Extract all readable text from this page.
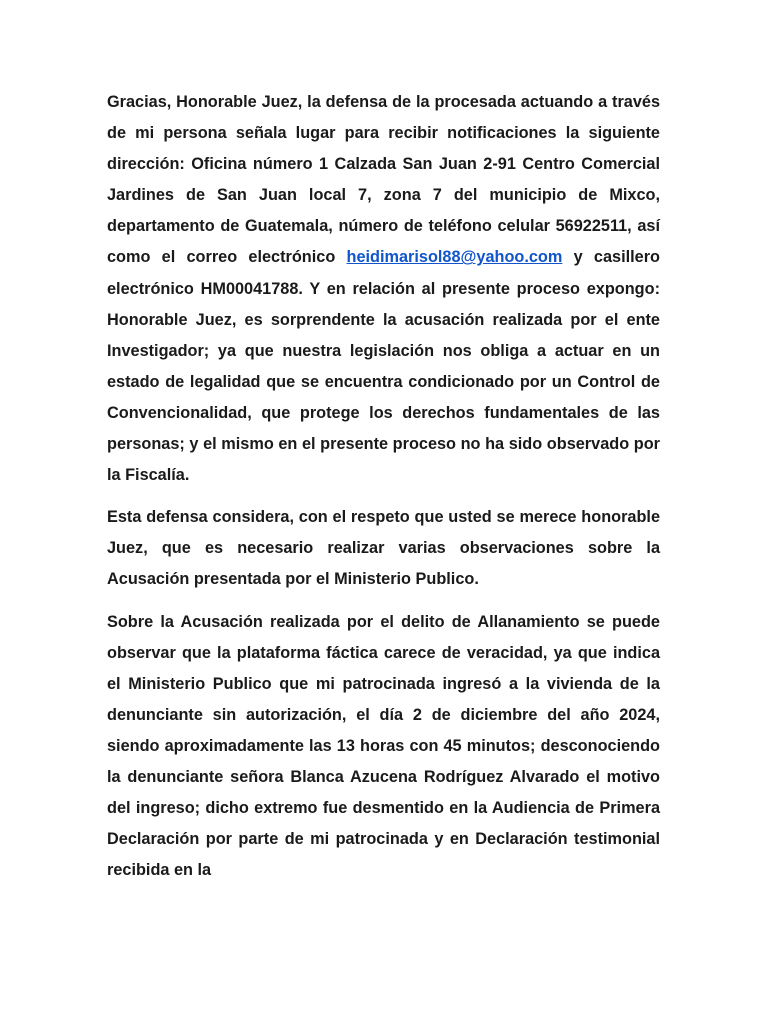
Gracias, Honorable Juez, la defensa de la procesada actuando a través de mi persona señala lugar para recibir notificaciones la siguiente dirección: Oficina número 1 Calzada San Juan 2-91 Centro Comercial Jardines de San Juan local 7, zona 7 del municipio de Mixco, departamento de Guatemala, número de teléfono celular 56922511, así como el correo electrónico heidimarisol88@yahoo.com y casillero electrónico HM00041788. Y en relación al presente proceso expongo: Honorable Juez, es sorprendente la acusación realizada por el ente Investigador; ya que nuestra legislación nos obliga a actuar en un estado de legalidad que se encuentra condicionado por un Control de Convencionalidad, que protege los derechos fundamentales de las personas; y el mismo en el presente proceso no ha sido observado por la Fiscalía.

Esta defensa considera, con el respeto que usted se merece honorable Juez, que es necesario realizar varias observaciones sobre la Acusación presentada por el Ministerio Publico.

Sobre la Acusación realizada por el delito de Allanamiento se puede observar que la plataforma fáctica carece de veracidad, ya que indica el Ministerio Publico que mi patrocinada ingresó a la vivienda de la denunciante sin autorización, el día 2 de diciembre del año 2024, siendo aproximadamente las 13 horas con 45 minutos; desconociendo la denunciante señora Blanca Azucena Rodríguez Alvarado el motivo del ingreso; dicho extremo fue desmentido en la Audiencia de Primera Declaración por parte de mi patrocinada y en Declaración testimonial recibida en la
